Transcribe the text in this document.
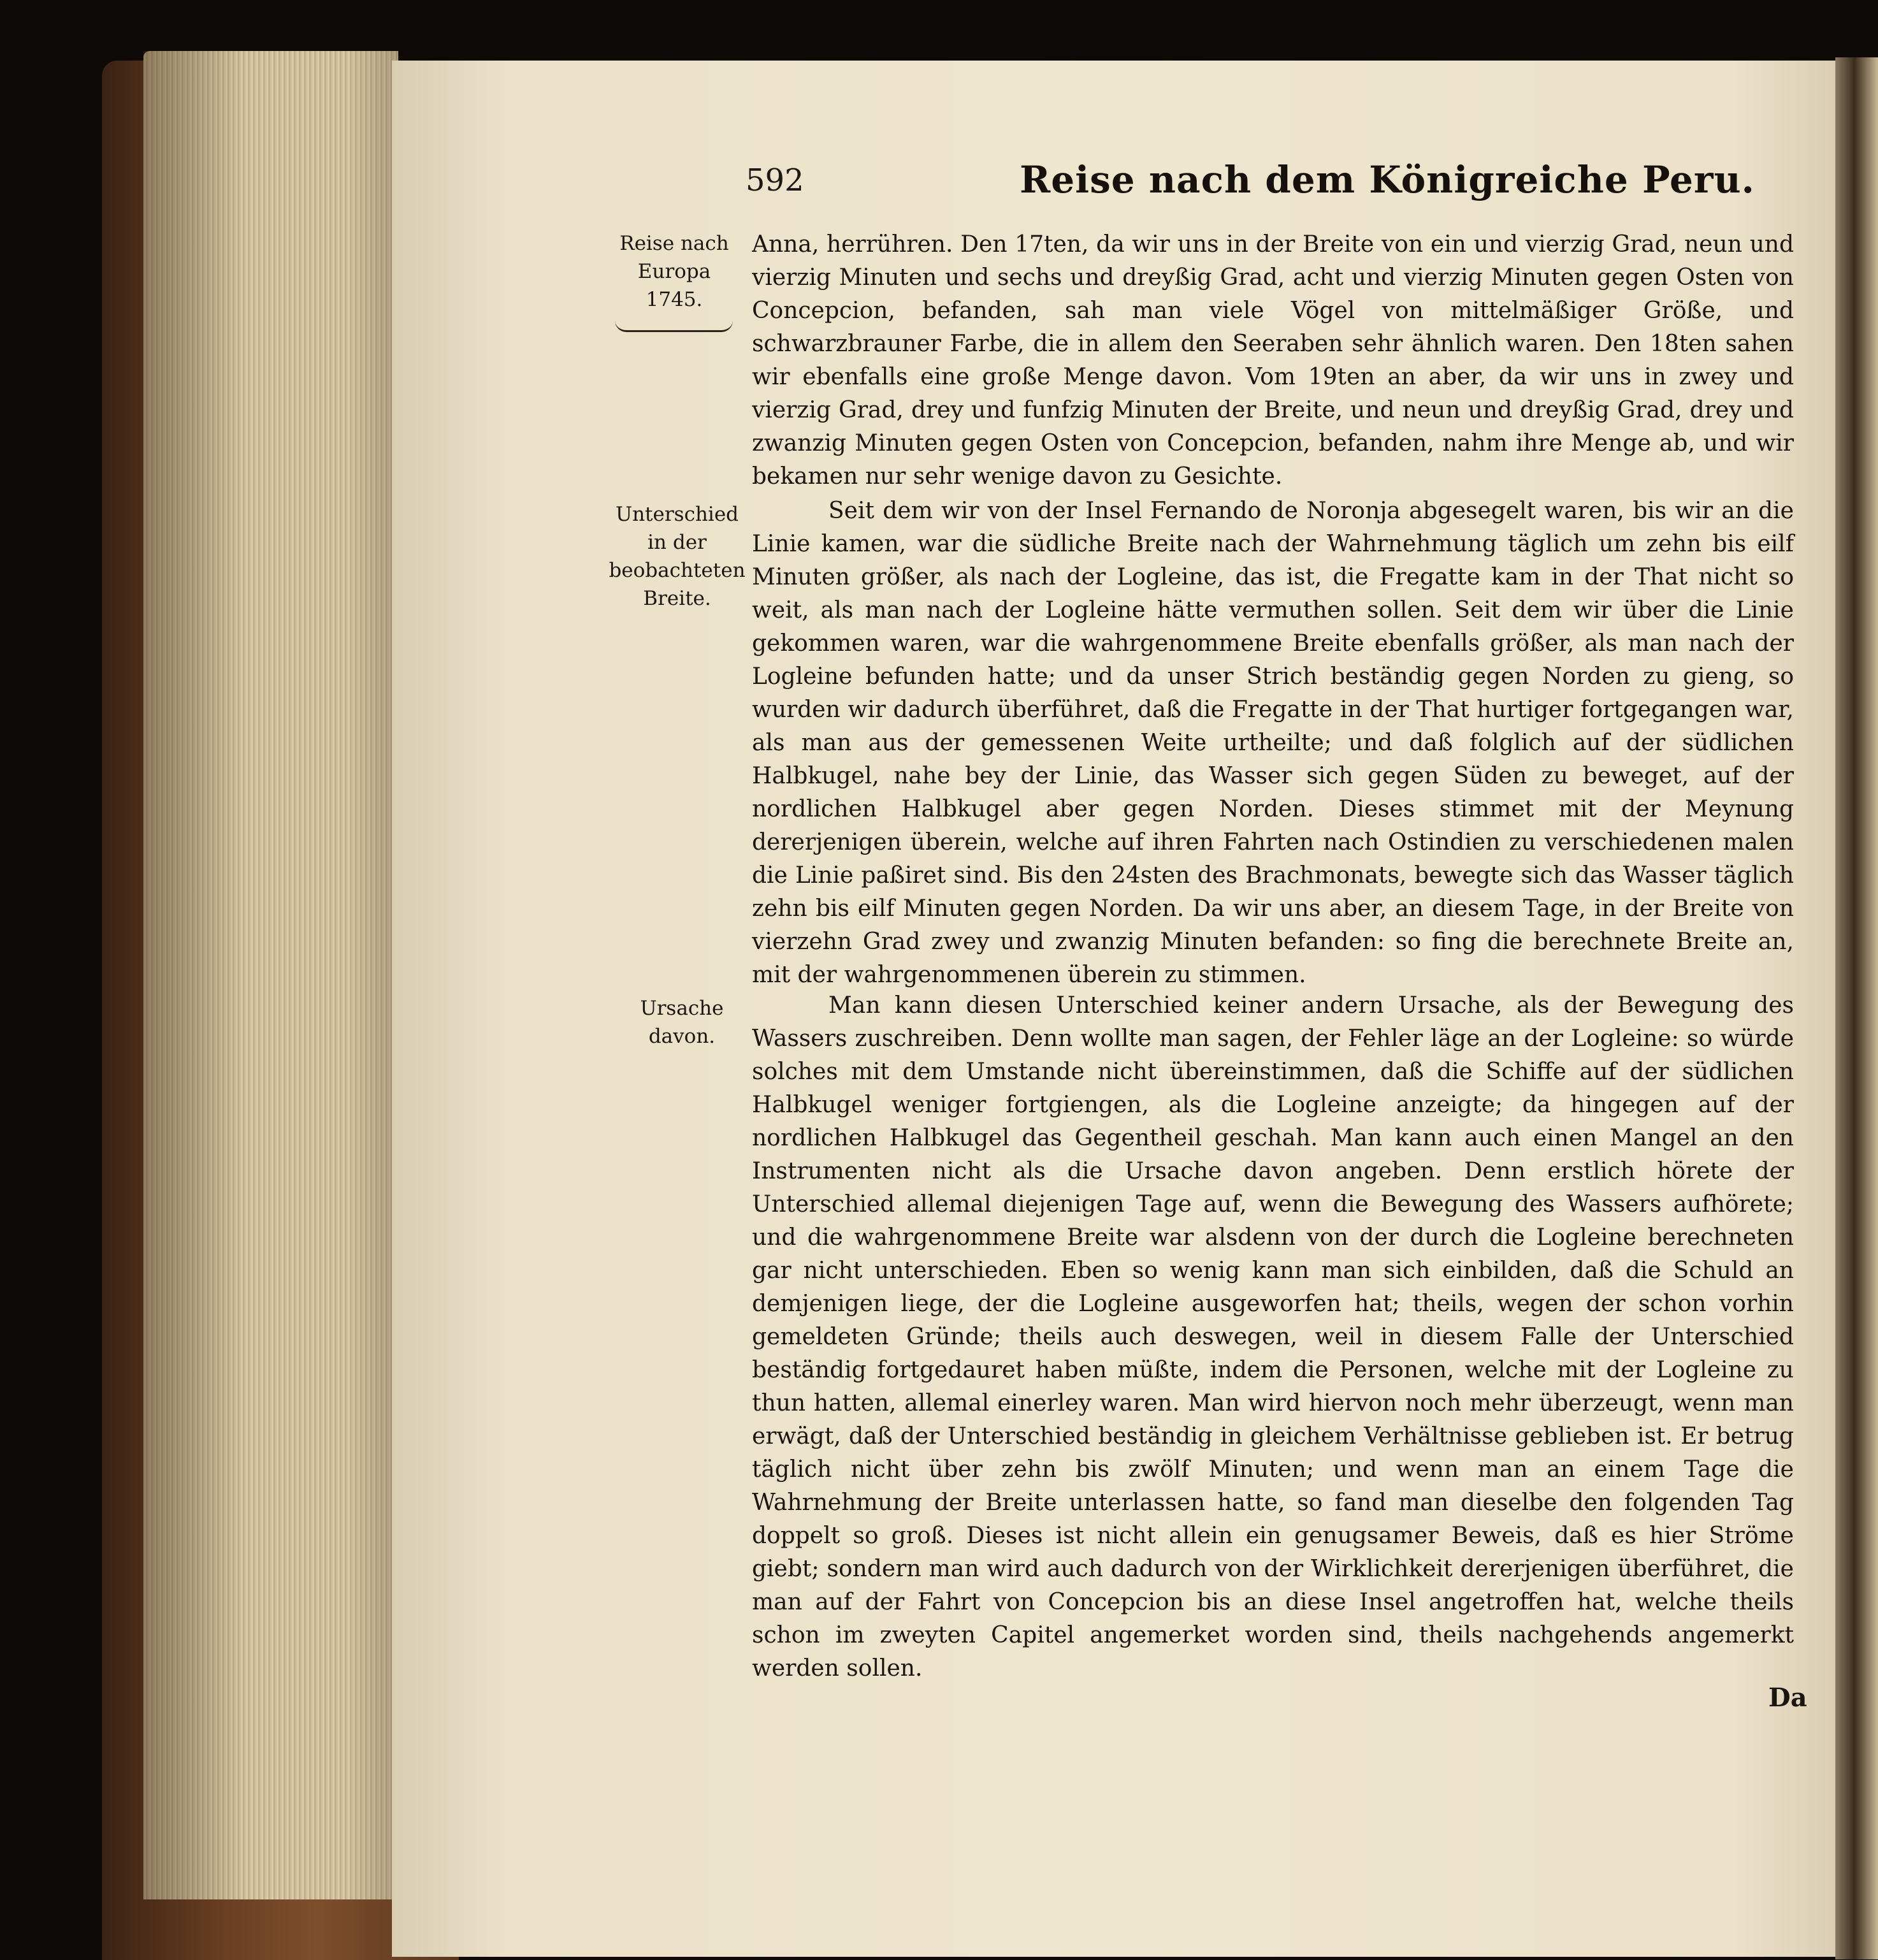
592	Reise nach dem Königreiche Peru.
Reise nach Europa 1745.
Unterschied in der beobachteten Breite.
Ursache davon.

Anna, herrühren. Den 17ten, da wir uns in der Breite von ein und vierzig Grad, neun und vierzig Minuten und sechs und dreyßig Grad, acht und vierzig Minuten gegen Osten von Concepcion, befanden, sah man viele Vögel von mittelmäßiger Größe, und schwarzbrauner Farbe, die in allem den Seeraben sehr ähnlich waren. Den 18ten sahen wir ebenfalls eine große Menge davon. Vom 19ten an aber, da wir uns in zwey und vierzig Grad, drey und funfzig Minuten der Breite, und neun und dreyßig Grad, drey und zwanzig Minuten gegen Osten von Concepcion, befanden, nahm ihre Menge ab, und wir bekamen nur sehr wenige davon zu Gesichte.

Seit dem wir von der Insel Fernando de Noronja abgesegelt waren, bis wir an die Linie kamen, war die südliche Breite nach der Wahrnehmung täglich um zehn bis eilf Minuten größer, als nach der Logleine, das ist, die Fregatte kam in der That nicht so weit, als man nach der Logleine hätte vermuthen sollen. Seit dem wir über die Linie gekommen waren, war die wahrgenommene Breite ebenfalls größer, als man nach der Logleine befunden hatte; und da unser Strich beständig gegen Norden zu gieng, so wurden wir dadurch überführet, daß die Fregatte in der That hurtiger fortgegangen war, als man aus der gemessenen Weite urtheilte; und daß folglich auf der südlichen Halbkugel, nahe bey der Linie, das Wasser sich gegen Süden zu beweget, auf der nordlichen Halbkugel aber gegen Norden. Dieses stimmet mit der Meynung dererjenigen überein, welche auf ihren Fahrten nach Ostindien zu verschiedenen malen die Linie paßiret sind. Bis den 24sten des Brachmonats, bewegte sich das Wasser täglich zehn bis eilf Minuten gegen Norden. Da wir uns aber, an diesem Tage, in der Breite von vierzehn Grad zwey und zwanzig Minuten befanden: so fing die berechnete Breite an, mit der wahrgenommenen überein zu stimmen.

Man kann diesen Unterschied keiner andern Ursache, als der Bewegung des Wassers zuschreiben. Denn wollte man sagen, der Fehler läge an der Logleine: so würde solches mit dem Umstande nicht übereinstimmen, daß die Schiffe auf der südlichen Halbkugel weniger fortgiengen, als die Logleine anzeigte; da hingegen auf der nordlichen Halbkugel das Gegentheil geschah. Man kann auch einen Mangel an den Instrumenten nicht als die Ursache davon angeben. Denn erstlich hörete der Unterschied allemal diejenigen Tage auf, wenn die Bewegung des Wassers aufhörete; und die wahrgenommene Breite war alsdenn von der durch die Logleine berechneten gar nicht unterschieden. Eben so wenig kann man sich einbilden, daß die Schuld an demjenigen liege, der die Logleine ausgeworfen hat; theils, wegen der schon vorhin gemeldeten Gründe; theils auch deswegen, weil in diesem Falle der Unterschied beständig fortgedauret haben müßte, indem die Personen, welche mit der Logleine zu thun hatten, allemal einerley waren. Man wird hiervon noch mehr überzeugt, wenn man erwägt, daß der Unterschied beständig in gleichem Verhältnisse geblieben ist. Er betrug täglich nicht über zehn bis zwölf Minuten; und wenn man an einem Tage die Wahrnehmung der Breite unterlassen hatte, so fand man dieselbe den folgenden Tag doppelt so groß. Dieses ist nicht allein ein genugsamer Beweis, daß es hier Ströme giebt; sondern man wird auch dadurch von der Wirklichkeit dererjenigen überführet, die man auf der Fahrt von Concepcion bis an diese Insel angetroffen hat, welche theils schon im zweyten Capitel angemerket worden sind, theils nachgehends angemerkt werden sollen.

Da
